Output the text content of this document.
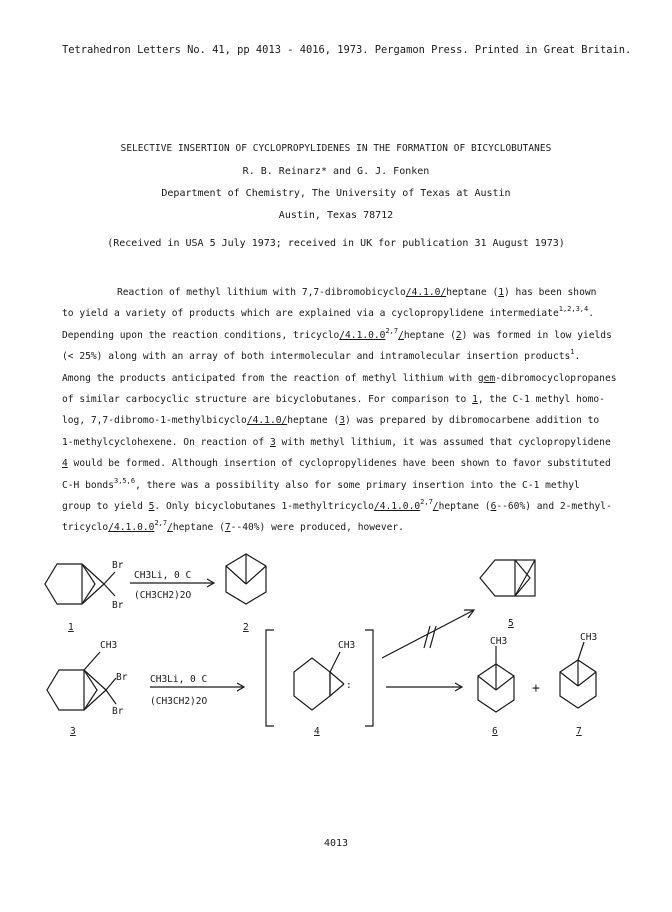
Tetrahedron Letters No. 41, pp 4013 - 4016, 1973. Pergamon Press. Printed in Great Britain.
SELECTIVE INSERTION OF CYCLOPROPYLIDENES IN THE FORMATION OF BICYCLOBUTANES
R. B. Reinarz* and G. J. Fonken
Department of Chemistry, The University of Texas at Austin
Austin, Texas 78712
(Received in USA 5 July 1973; received in UK for publication 31 August 1973)

Reaction of methyl lithium with 7,7-dibromobicyclo/4.1.0/heptane (1) has been shown

to yield a variety of products which are explained via a cyclopropylidene intermediate$^{1,2,3,4}$.

Depending upon the reaction conditions, tricyclo/4.1.0.0$^{2,7}$/heptane (2) was formed in low yields

(< 25%) along with an array of both intermolecular and intramolecular insertion products$^1$.

Among the products anticipated from the reaction of methyl lithium with gem-dibromocyclopropanes

of similar carbocyclic structure are bicyclobutanes. For comparison to 1, the C-1 methyl homo-

log, 7,7-dibromo-1-methylbicyclo/4.1.0/heptane (3) was prepared by dibromocarbene addition to

1-methylcyclohexene. On reaction of 3 with methyl lithium, it was assumed that cyclopropylidene

4 would be formed. Although insertion of cyclopropylidenes have been shown to favor substituted

C-H bonds$^{3,5,6}$, there was a possibility also for some primary insertion into the C-1 methyl

group to yield 5. Only bicyclobutanes 1-methyltricyclo/4.1.0.0$^{2,7}$/heptane (6--60%) and 2-methyl-

tricyclo/4.1.0.0$^{2,7}$/heptane (7--40%) were produced, however.

Br
Br
CH3Li, 0 C
(CH3CH2)2O
1	2	5
CH3
Br
Br
CH3Li, 0 C
(CH3CH2)2O
3
CH3
:
4
CH3
6
+
CH3
7
4013
